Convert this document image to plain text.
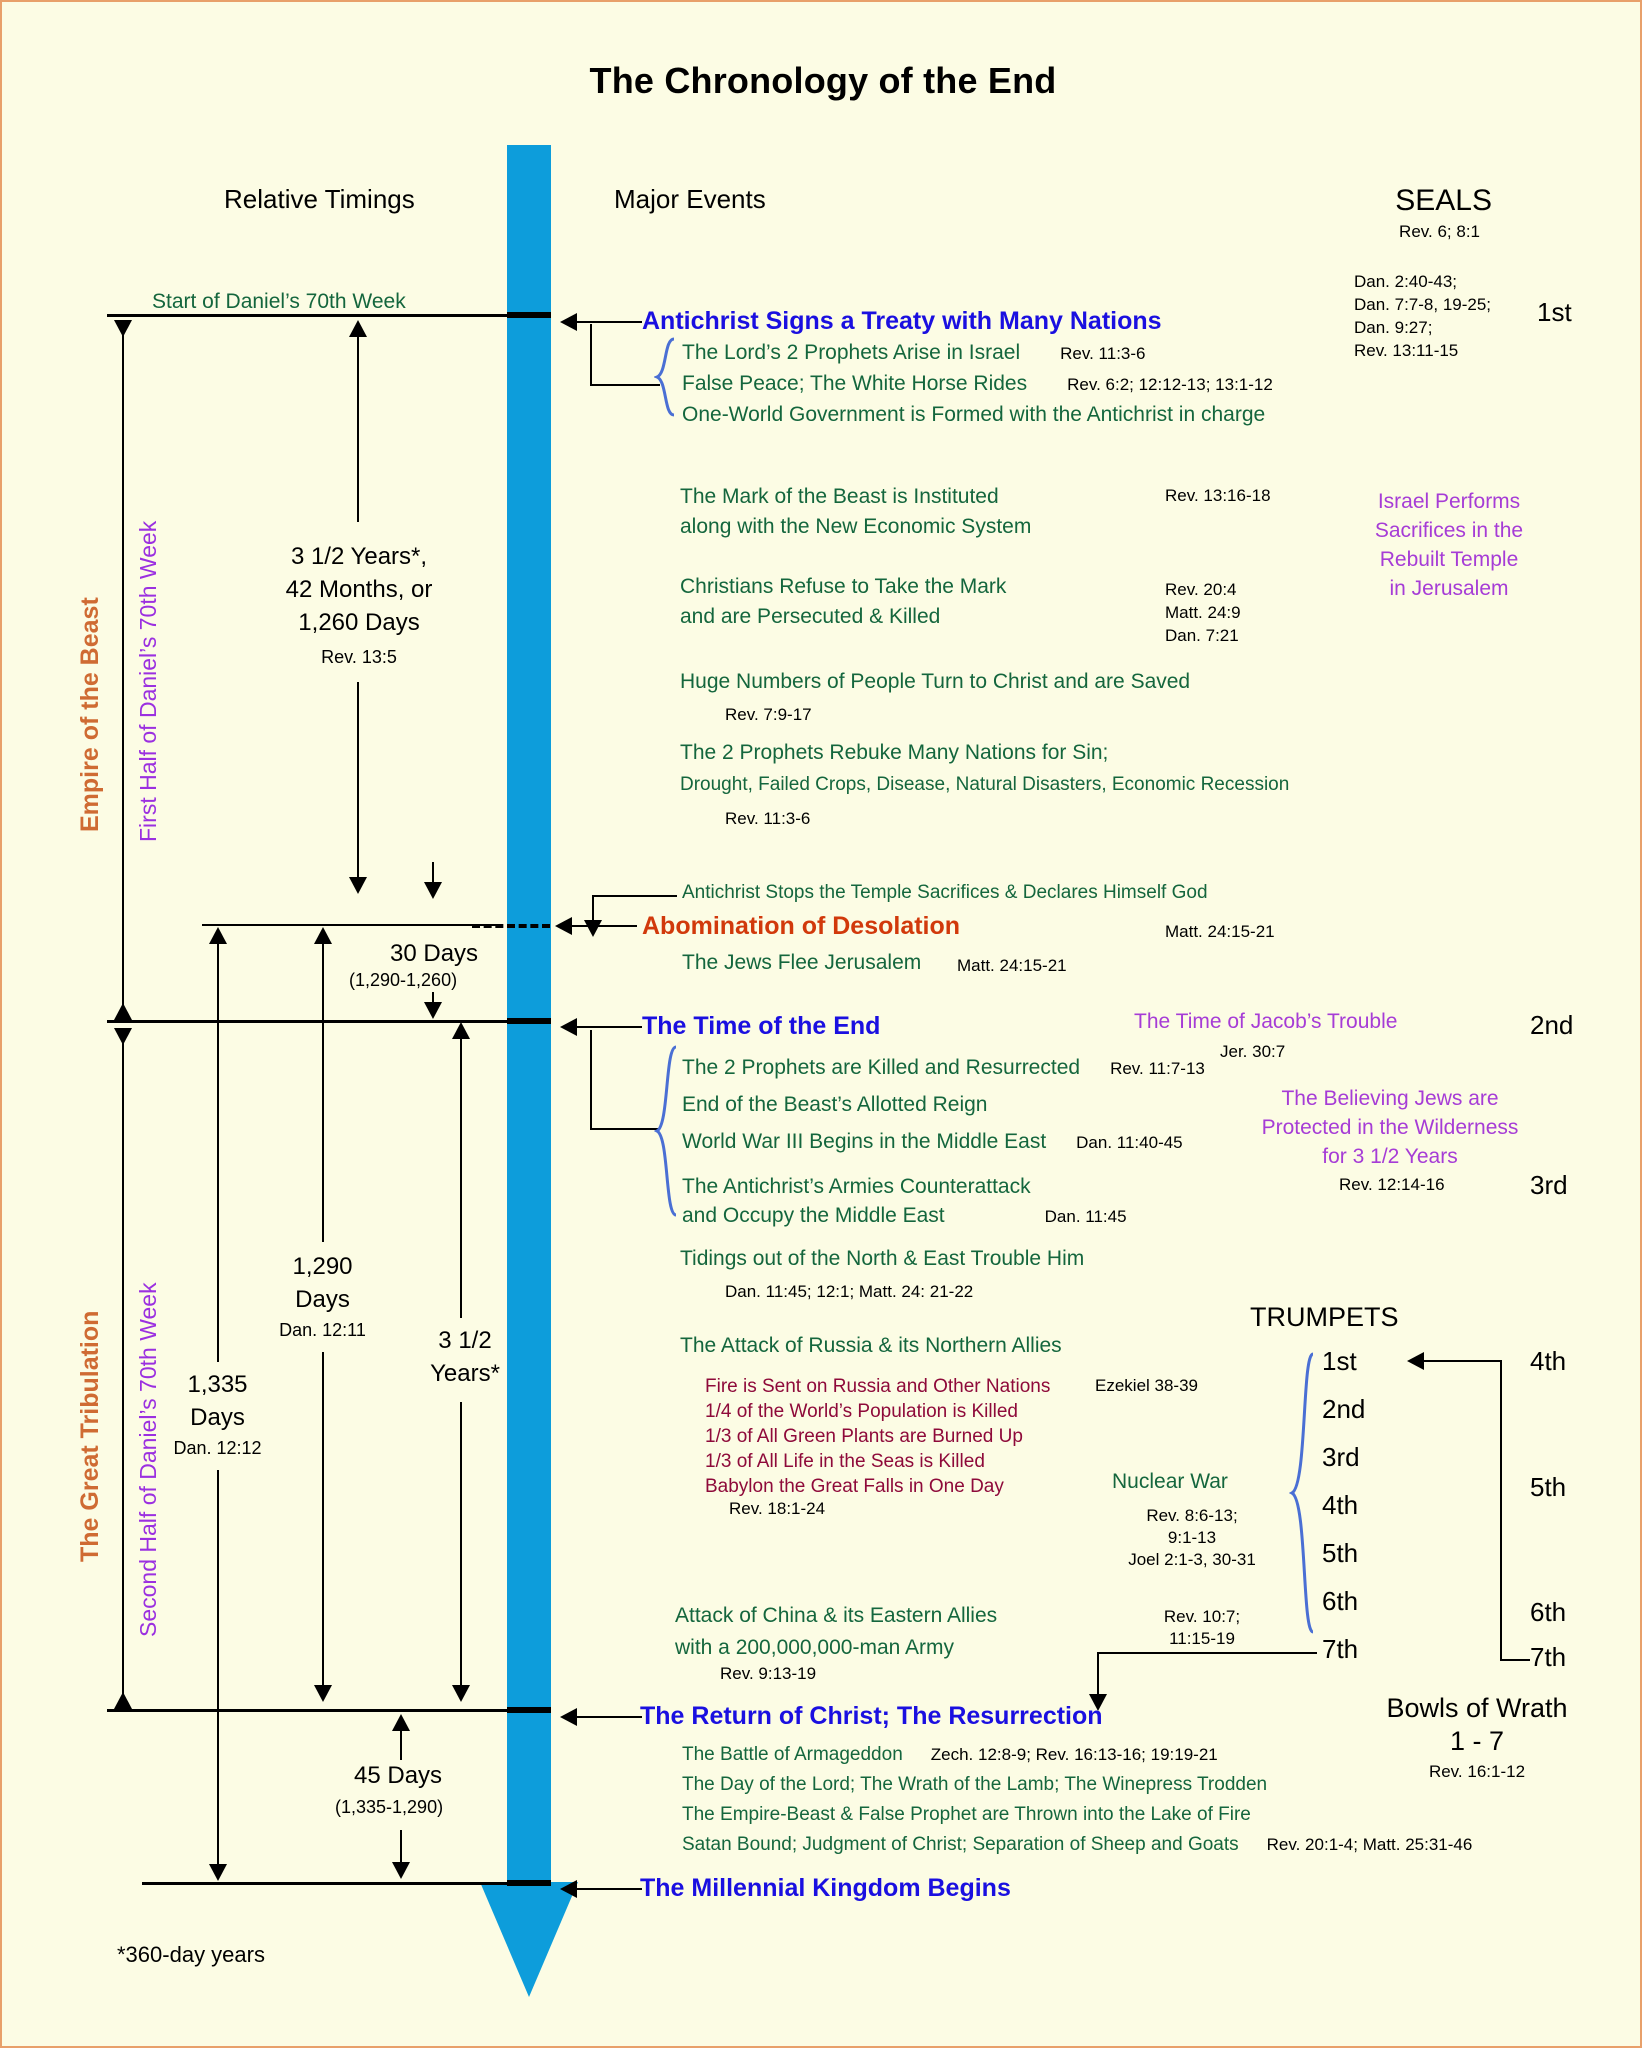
The Chronology of the End
Relative Timings	Major Events	SEALS
Rev. 6; 8:1
Dan. 2:40-43;
Dan. 7:7-8, 19-25;
Dan. 9:27;
Rev. 13:11-15
1st
Start of Daniel’s 70th Week
Antichrist Signs a Treaty with Many Nations
The Lord’s 2 Prophets Arise in Israel Rev. 11:3-6
False Peace; The White Horse Rides Rev. 6:2; 12:12-13; 13:1-12
One-World Government is Formed with the Antichrist in charge
The Mark of the Beast is Instituted
along with the New Economic System
Rev. 13:16-18	Israel Performs
Sacrifices in the
Rebuilt Temple
in Jerusalem
Christians Refuse to Take the Mark
and are Persecuted & Killed
Rev. 20:4
Matt. 24:9
Dan. 7:21
Huge Numbers of People Turn to Christ and are Saved
Rev. 7:9-17
The 2 Prophets Rebuke Many Nations for Sin;
Drought, Failed Crops, Disease, Natural Disasters, Economic Recession
Rev. 11:3-6
Antichrist Stops the Temple Sacrifices & Declares Himself God
Abomination of Desolation	Matt. 24:15-21
The Jews Flee Jerusalem Matt. 24:15-21
The Time of the End	The Time of Jacob’s Trouble
Jer. 30:7
2nd
The 2 Prophets are Killed and Resurrected Rev. 11:7-13
End of the Beast’s Allotted Reign
World War III Begins in the Middle East Dan. 11:40-45
The Antichrist’s Armies Counterattack
and Occupy the Middle East	Dan. 11:45
The Believing Jews are
Protected in the Wilderness
for 3 1/2 Years
Rev. 12:14-16	3rd
Tidings out of the North & East Trouble Him
Dan. 11:45; 12:1; Matt. 24: 21-22
TRUMPETS
The Attack of Russia & its Northern Allies
Fire is Sent on Russia and Other Nations
1/4 of the World’s Population is Killed
1/3 of All Green Plants are Burned Up
1/3 of All Life in the Seas is Killed
Babylon the Great Falls in One Day
Ezekiel 38-39
Rev. 18:1-24
Nuclear War
Rev. 8:6-13;
9:1-13
Joel 2:1-3, 30-31
1st
2nd
3rd
4th
5th
6th
7th
4th
5th
6th
7th
Attack of China & its Eastern Allies
with a 200,000,000-man Army
Rev. 9:13-19
Rev. 10:7;
11:15-19
The Return of Christ; The Resurrection
The Battle of Armageddon Zech. 12:8-9; Rev. 16:13-16; 19:19-21
The Day of the Lord; The Wrath of the Lamb; The Winepress Trodden
The Empire-Beast & False Prophet are Thrown into the Lake of Fire
Satan Bound; Judgment of Christ; Separation of Sheep and Goats Rev. 20:1-4; Matt. 25:31-46
Bowls of Wrath
1 - 7
Rev. 16:1-12
The Millennial Kingdom Begins
Empire of the Beast First Half of Daniel’s 70th Week
The Great Tribulation Second Half of Daniel’s 70th Week
3 1/2 Years*,
42 Months, or
1,260 Days
Rev. 13:5
30 Days
(1,290-1,260)
1,290
Days
Dan. 12:11
1,335
Days
Dan. 12:12
3 1/2
Years*
45 Days
(1,335-1,290)
*360-day years
